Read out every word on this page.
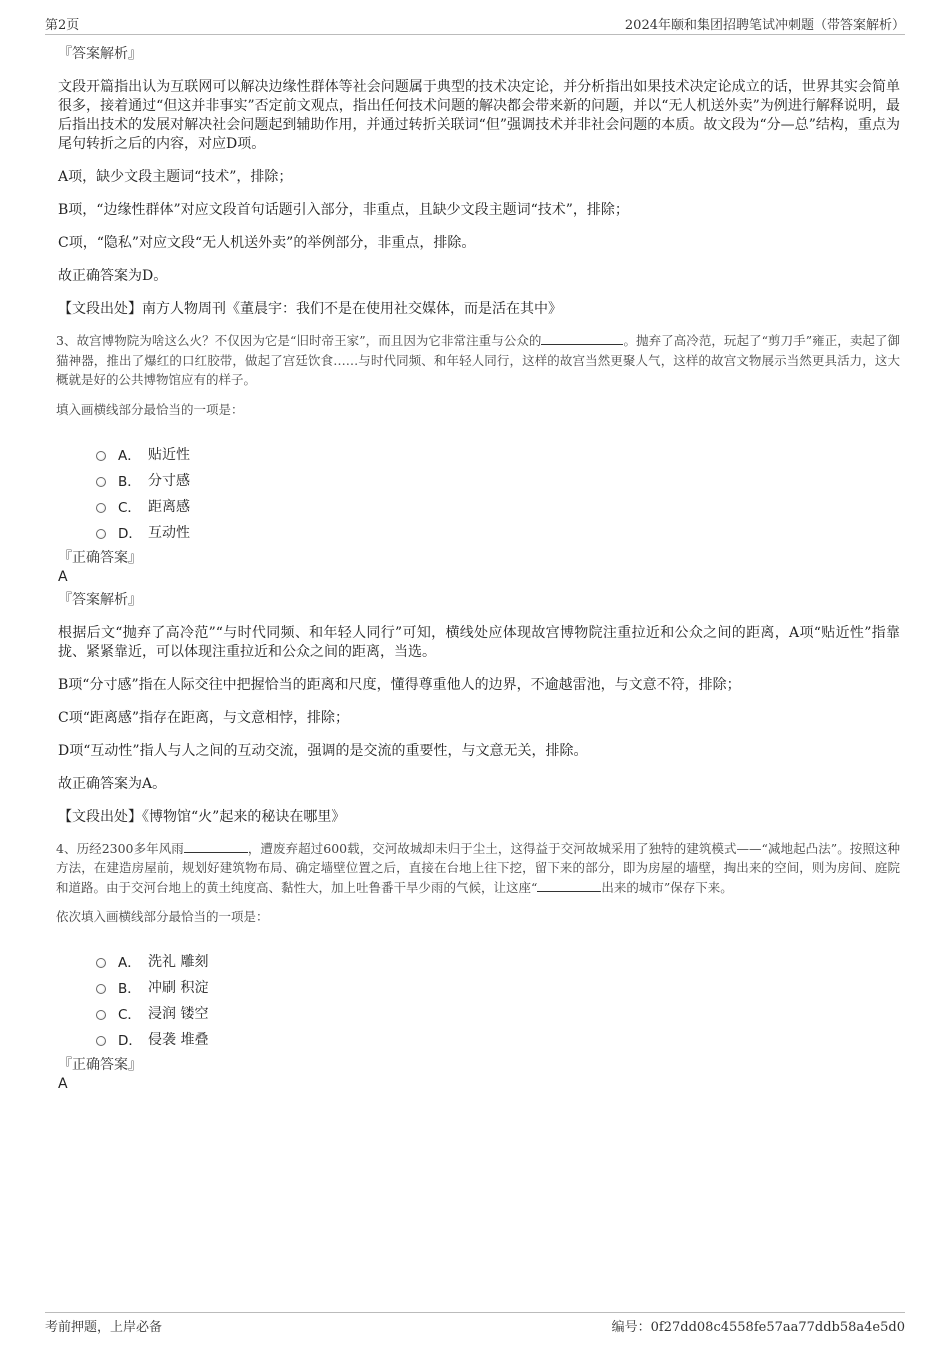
第2页	2024年颐和集团招聘笔试冲刺题（带答案解析）
『答案解析』

文段开篇指出认为互联网可以解决边缘性群体等社会问题属于典型的技术决定论，并分析指出如果技术决定论成立的话，世界其实会简单很多，接着通过“但这并非事实”否定前文观点，指出任何技术问题的解决都会带来新的问题，并以“无人机送外卖”为例进行解释说明，最后指出技术的发展对解决社会问题起到辅助作用，并通过转折关联词“但”强调技术并非社会问题的本质。故文段为“分—总”结构，重点为尾句转折之后的内容，对应D项。

A项，缺少文段主题词“技术”，排除；

B项，“边缘性群体”对应文段首句话题引入部分，非重点，且缺少文段主题词“技术”，排除；

C项，“隐私”对应文段“无人机送外卖”的举例部分，非重点，排除。

故正确答案为D。

【文段出处】南方人物周刊《董晨宇：我们不是在使用社交媒体，而是活在其中》

3、故宫博物院为啥这么火？不仅因为它是“旧时帝王家”，而且因为它非常注重与公众的	。抛弃了高冷范，玩起了“剪刀手”雍正，卖起了御猫神器，推出了爆红的口红胶带，做起了宫廷饮食……与时代同频、和年轻人同行，这样的故宫当然更聚人气，这样的故宫文物展示当然更具活力，这大概就是好的公共博物馆应有的样子。

填入画横线部分最恰当的一项是：

A． 贴近性
B． 分寸感
C． 距离感
D． 互动性
『正确答案』
A
『答案解析』

根据后文“抛弃了高冷范”“与时代同频、和年轻人同行”可知，横线处应体现故宫博物院注重拉近和公众之间的距离，A项“贴近性”指靠拢、紧紧靠近，可以体现注重拉近和公众之间的距离，当选。

B项“分寸感”指在人际交往中把握恰当的距离和尺度，懂得尊重他人的边界，不逾越雷池，与文意不符，排除；

C项“距离感”指存在距离，与文意相悖，排除；

D项“互动性”指人与人之间的互动交流，强调的是交流的重要性，与文意无关，排除。

故正确答案为A。

【文段出处】《博物馆“火”起来的秘诀在哪里》

4、历经2300多年风雨	，遭废弃超过600载，交河故城却未归于尘土，这得益于交河故城采用了独特的建筑模式——“减地起凸法”。按照这种方法，在建造房屋前，规划好建筑物布局、确定墙壁位置之后，直接在台地上往下挖，留下来的部分，即为房屋的墙壁，掏出来的空间，则为房间、庭院和道路。由于交河台地上的黄土纯度高、黏性大，加上吐鲁番干旱少雨的气候，让这座“	出来的城市”保存下来。

依次填入画横线部分最恰当的一项是：

A． 洗礼 雕刻
B． 冲刷 积淀
C． 浸润 镂空
D． 侵袭 堆叠
『正确答案』
A
考前押题，上岸必备	编号：0f27dd08c4558fe57aa77ddb58a4e5d0
